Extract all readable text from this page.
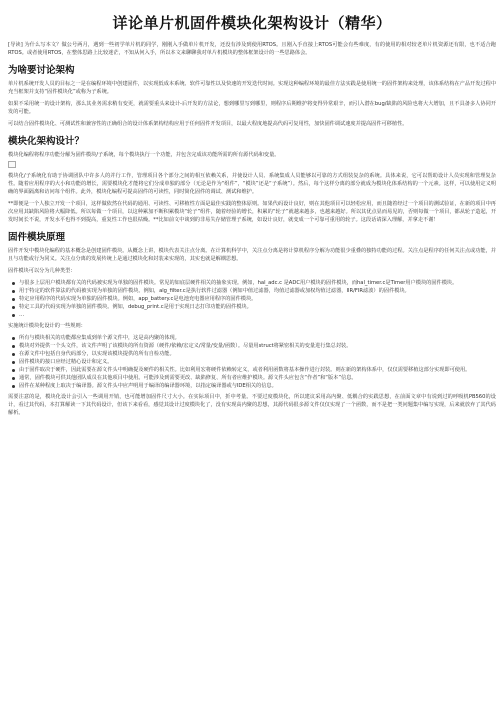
详论单片机固件模块化架构设计（精华）

[导读] 为什么写本文？做公号两月，遇到一些初学单片机的同学，刚刚入手做单片机开发，还没有涉及到使用RTOS。且刚入手直接上RTOS可能会有些难度，有的使用的相对较老单片机资源还有限，也不适合跑RTOS。或者使用RTOS，在整体思路上比较迷茫，不知从何入手，所以本文来聊聊我对单片机模块的整体框架设计的一些思路体会。

为啥要讨论架构

单片机系统开发人员的目标之一是在编程环境中创建固件，以实现低成本系统、软件可靠性以及快速的开发迭代时间。实现这种编程环境的最佳方法实践是使用统一的固件架构来处理，该体系结构在产品开发过程中充当框架并支持“固件模块化”或称为子系统。

如果不采用统一的设计架构，那么其业务需求稍有变更，就需要重头来设计-后开发的方法论，想到哪里写到哪里，则程序后期维护将变得异常艰辛，而引入潜在bug/缺陷的风险也将大大增加，且不具备多人协同开发的可能。

可以结合固件模块化、可测试性和兼容性的正确组合的设计体系架构结构应用于任何固件开发项目，以最大程度地提高代码可复用性，加快固件调试速度并提高固件可移植性。

模块化架构设计？

模块化编程将程序功能分解为固件模块/子系统，每个模块执行一个功能，并包含完成该功能所需的所有源代码和变量。

模块化/子系统化有助于协调团队中许多人的并行工作，管理项目各个部分之间的相互依赖关系，并使设计人员、系统集成人员能够以可靠的方式组装复杂的系统。具体来说，它可以帮助设计人员实现和管理复杂性。随着应用程序的大小和功能的增长，需要模块化才能将它们分成单独的部分（无论是作为“组件”，“模块”还是“子系统”）。然后，每个这样分离的部分就成为模块化体系结构的一个元素。这样，可以使用定义明确的界面隔离和访问每个组件。此外，模块化编程可提高固件的可读性，同时简化固件的调试、测试和维护。

**即便是一个人独立开发一个项目，这样做依然在代码的通用、可读性、可移植性方面是最佳实践的整体原则。如果代码设计良好，则在其他项目可以轻松应用，而且随着经过一个项目的测试验证，在新的项目中再次应用其缺陷风险将大幅降低。所以每做一个项目，以这种累加不断积累模块“轮子”组件，随着经验的增长，积累的“轮子”就越来越多，也越来越好。所以其优点显而易见的，否则每做一个项目，都从轮子造起，开发时间长不说，开发水平也得不到提高，重复性工作也很枯燥。**比如前文中谈到的非易失存储管理子系统，如设计良好，就变成一个可靠可重用的轮子。这段话请深入理解，并拿走不谢！

固件模块原理

固件开发中模块化编程的基本概念是创建固件模块。从概念上讲，模块代表关注点分离。在计算机科学中，关注点分离是将计算机程序分解为功能很少重叠的独特功能的过程。关注点是程序的任何关注点或功能，并且与功能或行为同义。关注点分离的发展传统上是通过模块化和封装来实现的，其实也就是解耦思想。

固件模块可以分为几种类型：

与很多上层用户模块都有关的代码被实现为单独的固件模块。常见的如底层硬件相关的抽象实现。例如，hal_adc.c 是ADC用户模块的固件模块，而hal_timer.c是Timer用户模块的固件模块。
用于特定的软件算法的代码被实现为单独的固件模块。例如，alg_filter.c是执行软件过滤器（例如中值过滤器，均值过滤器或加权均值过滤器，IIR/FIR滤波）的固件模块。
特定应用程序的代码实现为单独的固件模块。例如，app_battery.c是电池充电器应用程序的固件模块。
特定工具的代码实现为单独的固件模块。例如，debug_print.c是用于实现日志打印功能的固件模块。
…

实施统计模块化设计的一些规则：

所有与模块相关的功能都应集成到单个源文件中，这是高内聚的体现。
模块对外提供一个头文件，该文件声明了该模块的所有资源（硬件/依赖/宏定义/常量/变量/函数）。尽量用struct将紧密相关的变量进行集总封装。
在源文件中包括自身代码部分，以实现该模块提供的所有自检功能。
固件模块的接口应经过精心设计和定义。
由于固件取决于硬件，因此需要在源文件头中明确提及硬件的相关性。比如利用宏将硬件依赖转定义，或者利用函数将基本操作进行封装。则在新的架构体系中，仅仅需要移植这部分实现即可使用。
通常，固件模块可供其他团队成员在其他项目中使用。可能涉及到需要更改、缺陷修复、所有者应维护模块。源文件头应包含“作者”和“版本”信息。
固件在某种程度上取决于编译器。源文件头中应声明用于编译的编译器环境，以指定编译器或与IDE相关的信息。

需要注意的是，模块化设计会引入一些调用开销，也可能增加固件尺寸大小。在实际项目中，折中考量。不要过度模块化，所以建议采用高内聚、低耦合的实践思想，在前面文章中有说到过的呼吸机PB560的设计，看过其代码，本打算解读一下其代码设计，但该下来看看，感觉其设计过度模块化了，没有实现高内聚的思想，其源代码很多源文件仅仅实现了一个函数，而不是把一类问题集中编写实现，后来就放弃了其代码解析。
